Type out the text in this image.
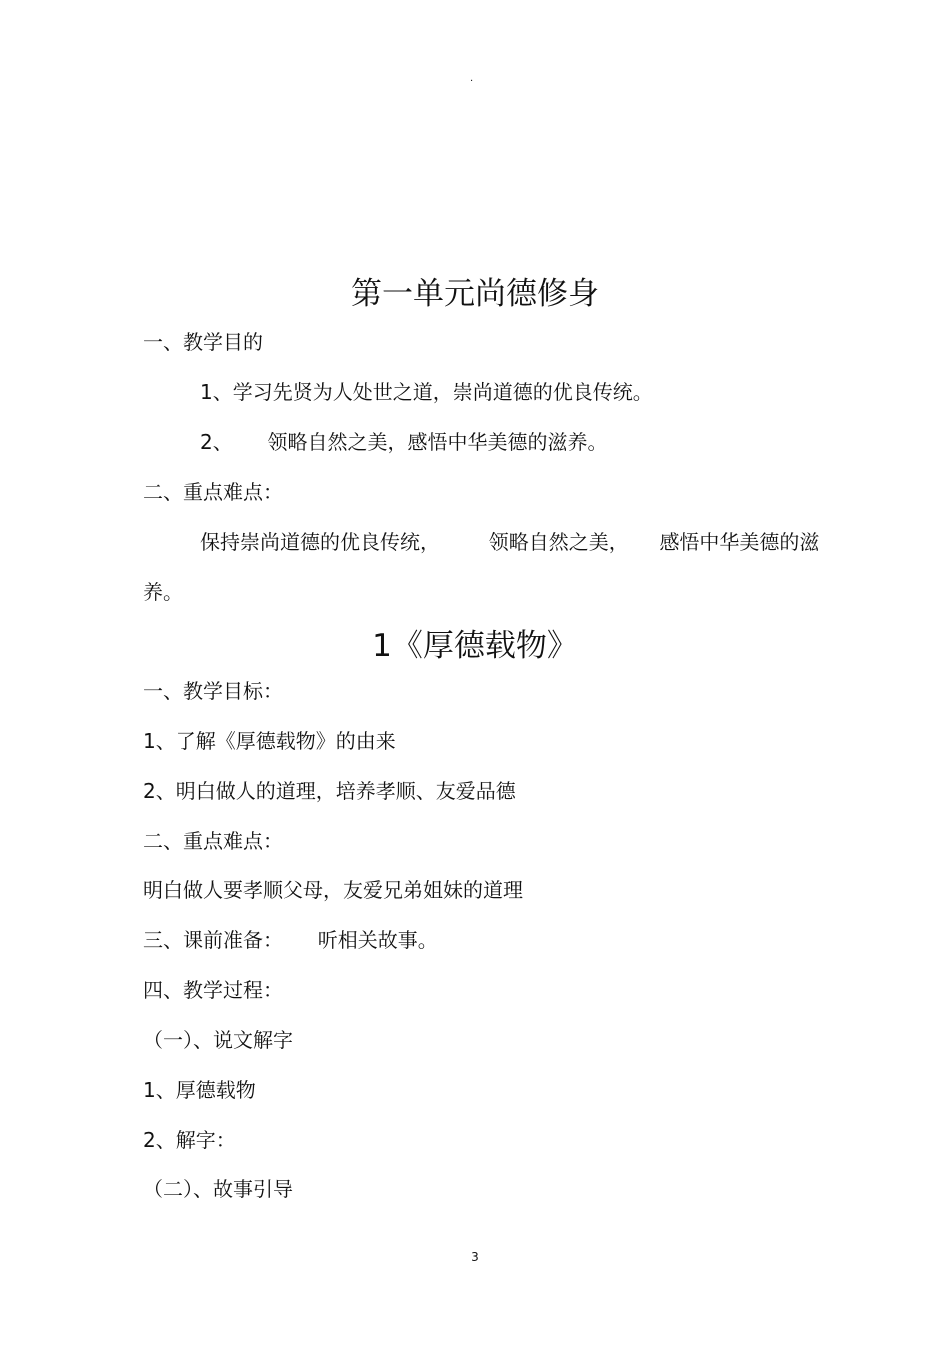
.
第一单元尚德修身
一、教学目的
1、学习先贤为人处世之道，崇尚道德的优良传统。
2、 领略自然之美，感悟中华美德的滋养。
二、重点难点：
保持崇尚道德的优良传统， 领略自然之美， 感悟中华美德的滋
养。
1《厚德载物》
一、教学目标：
1、了解《厚德载物》的由来
2、明白做人的道理，培养孝顺、友爱品德
二、重点难点：
明白做人要孝顺父母，友爱兄弟姐妹的道理
三、课前准备： 听相关故事。
四、教学过程：
（一）、说文解字
1、厚德载物
2、解字：
（二）、故事引导
3
